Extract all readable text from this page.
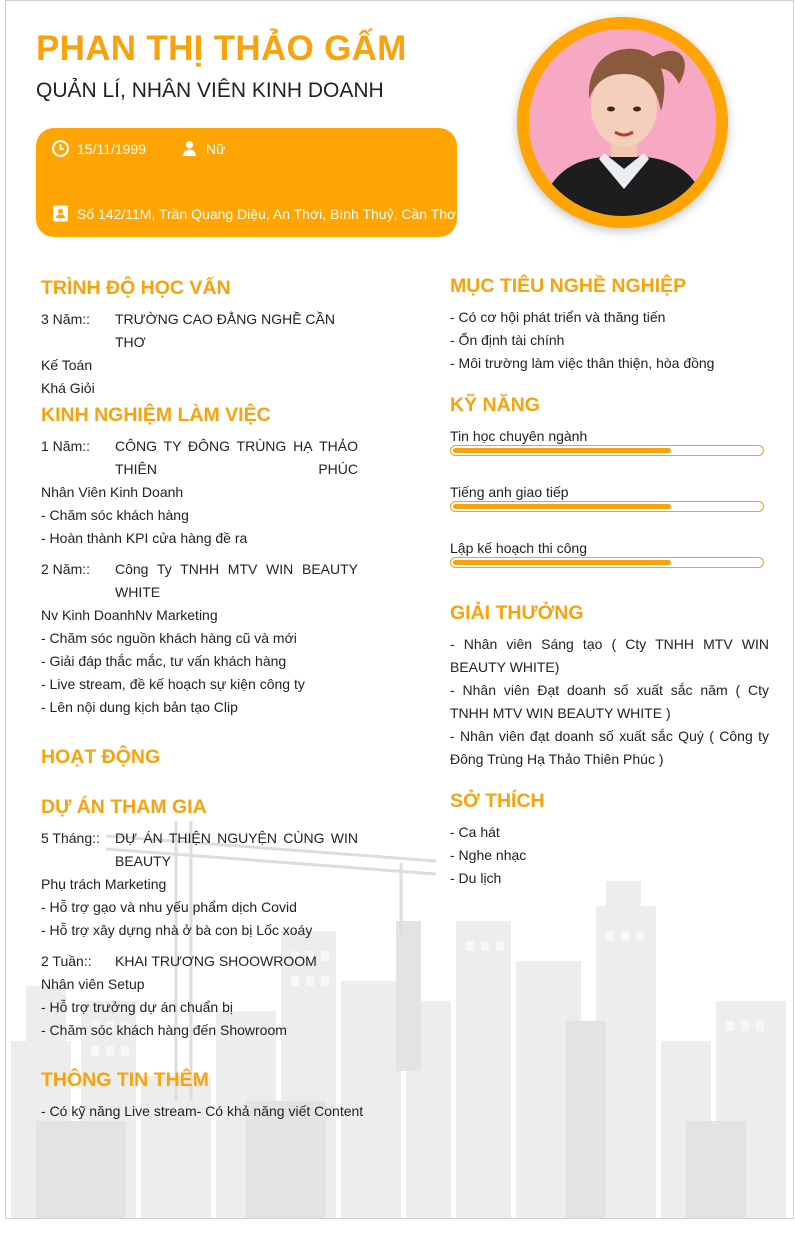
PHAN THỊ THẢO GẤM
QUẢN LÍ, NHÂN VIÊN KINH DOANH
15/11/1999	Nữ
Số 142/11M, Trần Quang Diệu, An Thới, Bình Thuỷ, Cần Thơ
TRÌNH ĐỘ HỌC VẤN
3 Năm::	TRƯỜNG CAO ĐẲNG NGHỀ CẦN THƠ
Kế Toán
Khá Giỏi
KINH NGHIỆM LÀM VIỆC
1 Năm::	CÔNG TY ĐÔNG TRÙNG HẠ THẢO THIÊN PHÚC
Nhân Viên Kinh Doanh
- Chăm sóc khách hàng
- Hoàn thành KPI cửa hàng đề ra
2 Năm::	Công Ty TNHH MTV WIN BEAUTY WHITE
Nv Kinh DoanhNv Marketing
- Chăm sóc nguồn khách hàng cũ và mới
- Giải đáp thắc mắc, tư vấn khách hàng
- Live stream, đề kế hoạch sự kiện công ty
- Lên nội dung kịch bản tạo Clip
HOẠT ĐỘNG
DỰ ÁN THAM GIA
5 Tháng::	DỰ ÁN THIỆN NGUYỆN CÙNG WIN BEAUTY
Phụ trách Marketing
- Hỗ trợ gạo và nhu yếu phẩm dịch Covid
- Hỗ trợ xây dựng nhà ở bà con bị Lốc xoáy
2 Tuần::	KHAI TRƯƠNG SHOOWROOM
Nhân viên Setup
- Hỗ trợ trưởng dự án chuẩn bị
- Chăm sóc khách hàng đến Showroom
THÔNG TIN THÊM
- Có kỹ năng Live stream- Có khả năng viết Content
MỤC TIÊU NGHỀ NGHIỆP
- Có cơ hội phát triển và thăng tiến
- Ổn định tài chính
- Môi trường làm việc thân thiện, hòa đồng
KỸ NĂNG
Tin học chuyên ngành
Tiếng anh giao tiếp
Lập kế hoạch thi công
GIẢI THƯỞNG
- Nhân viên Sáng tạo ( Cty TNHH MTV WIN BEAUTY WHITE)
- Nhân viên Đạt doanh số xuất sắc năm ( Cty TNHH MTV WIN BEAUTY WHITE )
- Nhân viên đạt doanh số xuất sắc Quý ( Công ty Đông Trùng Hạ Thảo Thiên Phúc )
SỞ THÍCH
- Ca hát
- Nghe nhạc
- Du lịch
